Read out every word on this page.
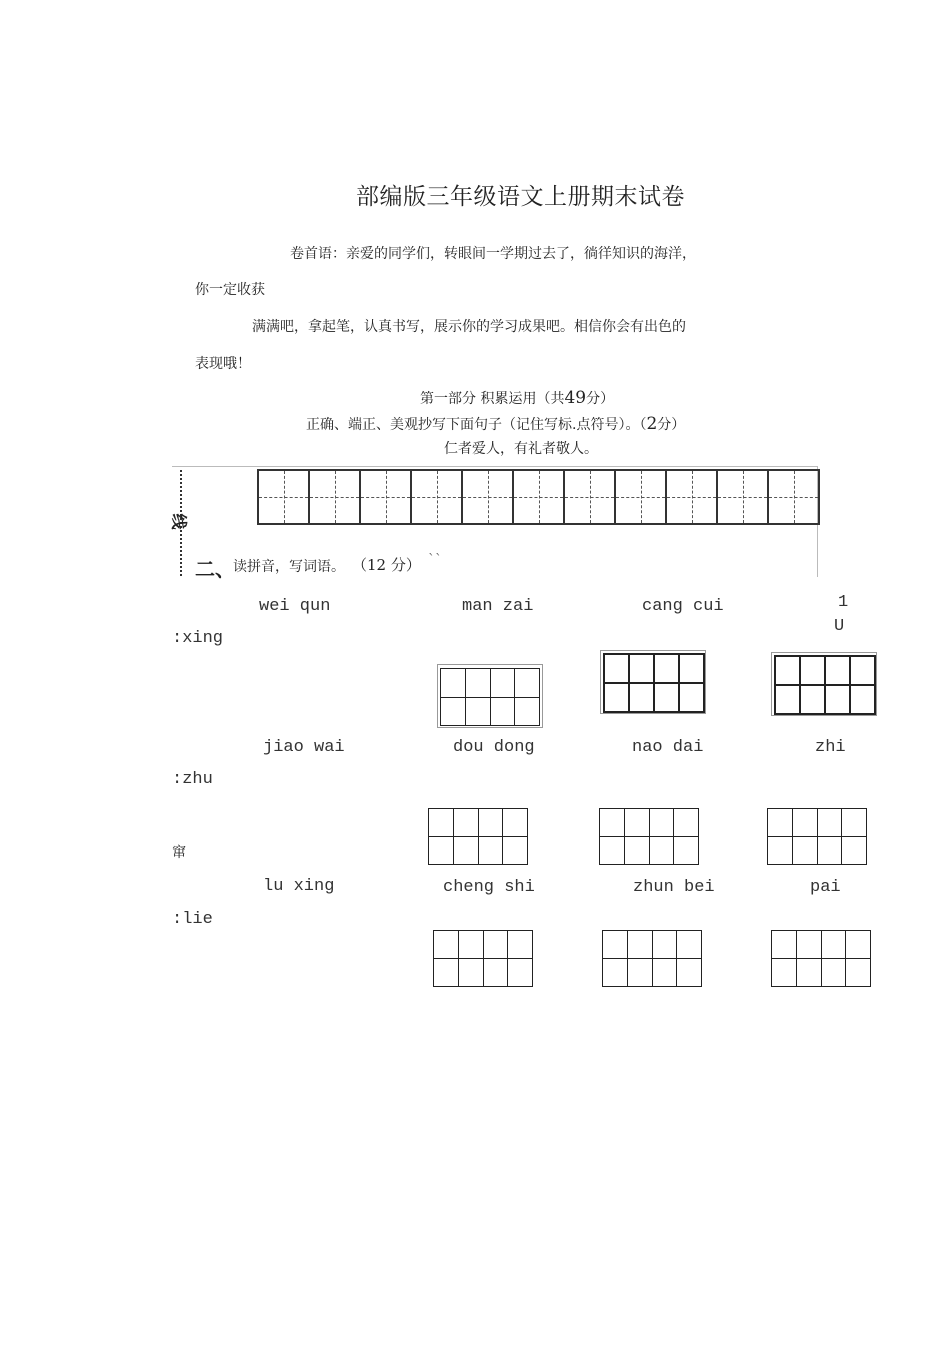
部编版三年级语文上册期末试卷
卷首语：亲爱的同学们，转眼间一学期过去了，徜徉知识的海洋，
你一定收获
满满吧，拿起笔，认真书写，展示你的学习成果吧。相信你会有出色的
表现哦！
第一部分 积累运用（共49分）
正确、端正、美观抄写下面句子（记住写标.点符号）。（2分）
仁者爱人，有礼者敬人。
线
二、
读拼音，写词语。 （12 分） ``
wei qun	man zai	cang cui	1
U
:xing
jiao wai	dou dong	nao dai	zhi
:zhu
窜
lu xing	cheng shi	zhun bei	pai
:lie
